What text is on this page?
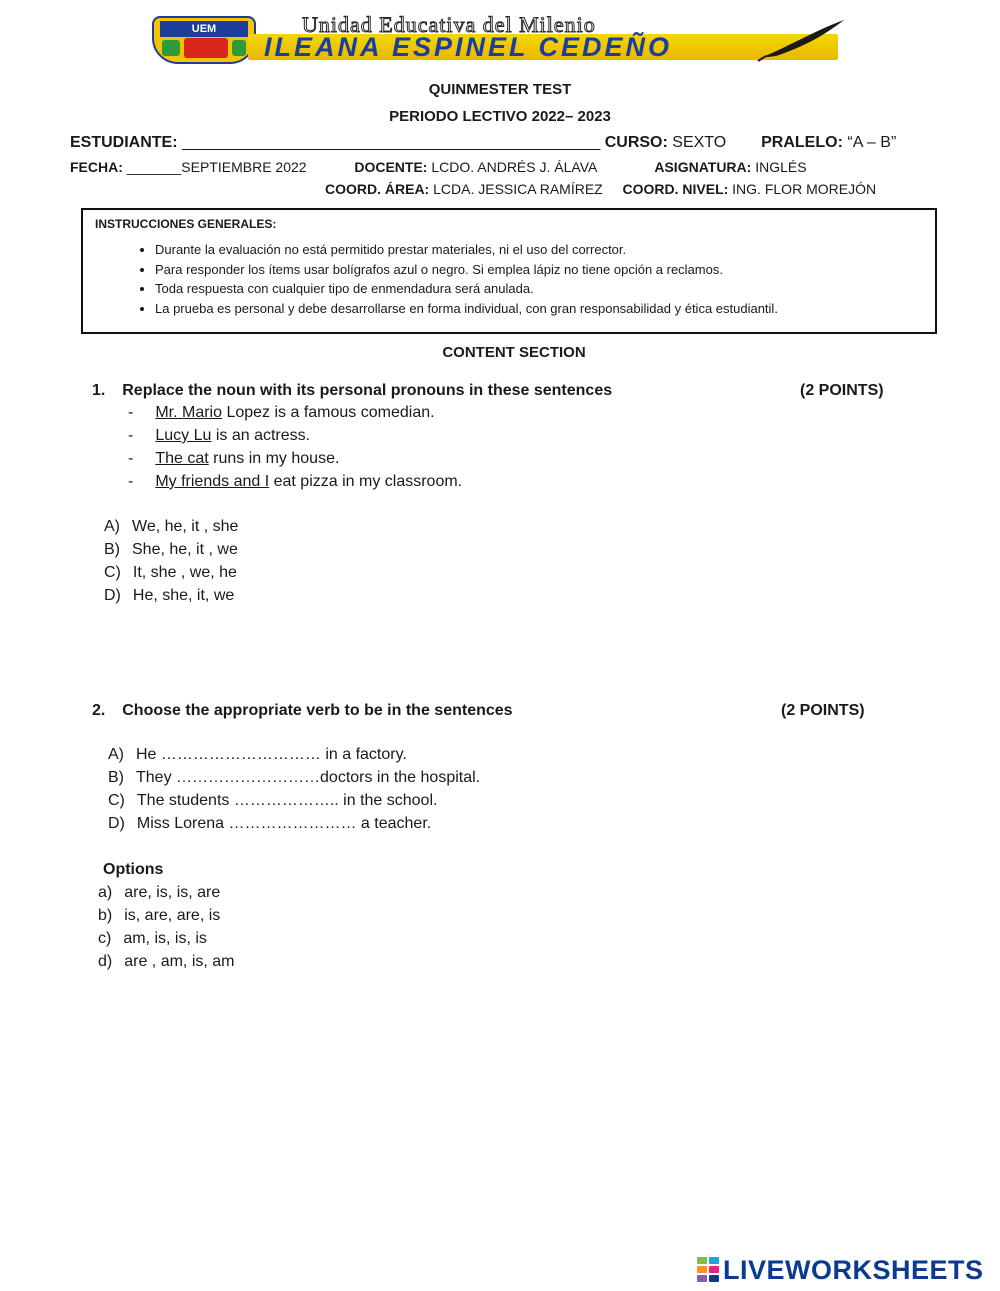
UEM	Unidad Educativa del Milenio
ILEANA ESPINEL CEDEÑO
QUINMESTER TEST
PERIODO LECTIVO 2022– 2023
ESTUDIANTE: _______________________________________________ CURSO: SEXTO PRALELO: “A – B”
FECHA: _______SEPTIEMBRE 2022	DOCENTE: LCDO. ANDRÉS J. ÁLAVA	ASIGNATURA: INGLÉS
COORD. ÁREA: LCDA. JESSICA RAMÍREZ COORD. NIVEL: ING. FLOR MOREJÓN
INSTRUCCIONES GENERALES:
• Durante la evaluación no está permitido prestar materiales, ni el uso del corrector.
• Para responder los ítems usar bolígrafos azul o negro. Si emplea lápiz no tiene opción a reclamos.
• Toda respuesta con cualquier tipo de enmendadura será anulada.
• La prueba es personal y debe desarrollarse en forma individual, con gran responsabilidad y ética estudiantil.
CONTENT SECTION
1. Replace the noun with its personal pronouns in these sentences	(2 POINTS)
- Mr. Mario Lopez is a famous comedian.
- Lucy Lu is an actress.
- The cat runs in my house.
- My friends and I eat pizza in my classroom.
A) We, he, it , she
B) She, he, it , we
C) It, she , we, he
D) He, she, it, we
2. Choose the appropriate verb to be in the sentences	(2 POINTS)
A) He ………………………… in a factory.
B) They ………………………doctors in the hospital.
C) The students ……………….. in the school.
D) Miss Lorena …………………… a teacher.
Options
a) are, is, is, are
b) is, are, are, is
c) am, is, is, is
d) are , am, is, am
LIVEWORKSHEETS
